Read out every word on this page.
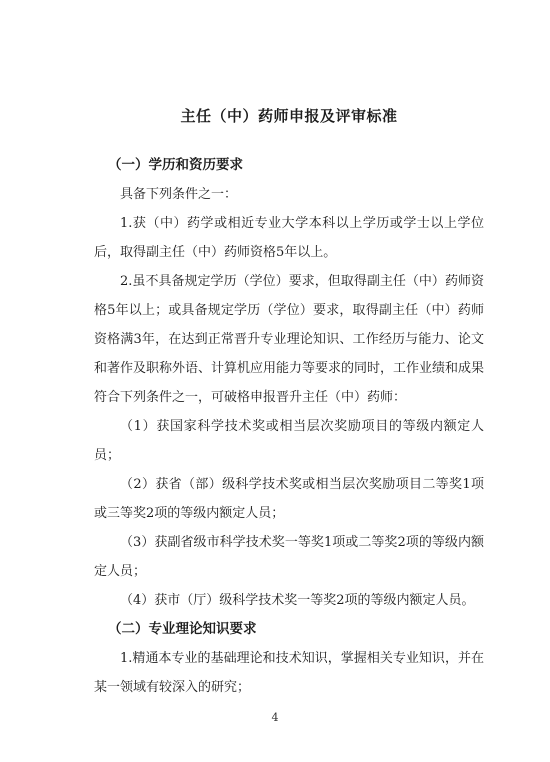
主任（中）药师申报及评审标准
（一）学历和资历要求

具备下列条件之一：

1.获（中）药学或相近专业大学本科以上学历或学士以上学位后，取得副主任（中）药师资格5年以上。

2.虽不具备规定学历（学位）要求，但取得副主任（中）药师资格5年以上；或具备规定学历（学位）要求，取得副主任（中）药师资格满3年，在达到正常晋升专业理论知识、工作经历与能力、论文和著作及职称外语、计算机应用能力等要求的同时，工作业绩和成果符合下列条件之一，可破格申报晋升主任（中）药师：

（1）获国家科学技术奖或相当层次奖励项目的等级内额定人员；

（2）获省（部）级科学技术奖或相当层次奖励项目二等奖1项或三等奖2项的等级内额定人员；

（3）获副省级市科学技术奖一等奖1项或二等奖2项的等级内额定人员；

（4）获市（厅）级科学技术奖一等奖2项的等级内额定人员。

（二）专业理论知识要求

1.精通本专业的基础理论和技术知识，掌握相关专业知识，并在某一领域有较深入的研究；

4
